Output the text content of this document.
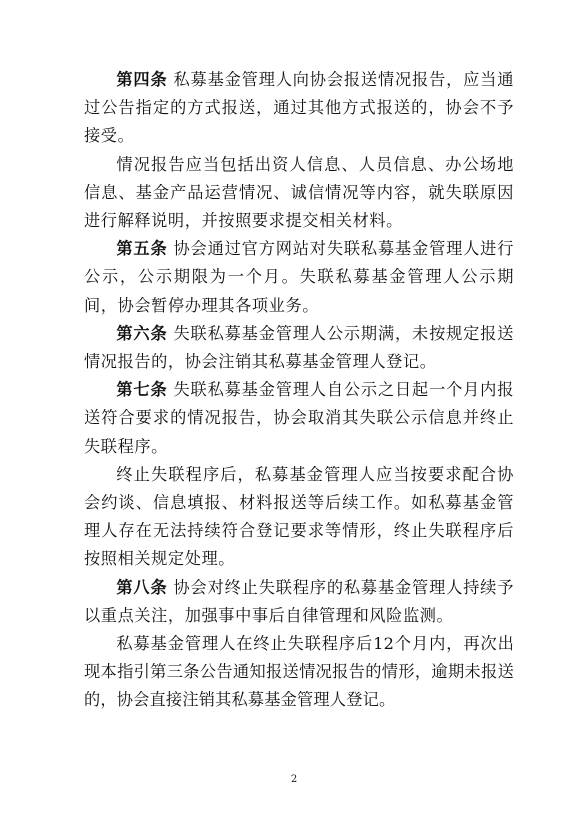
第四条 私募基金管理人向协会报送情况报告，应当通过公告指定的方式报送，通过其他方式报送的，协会不予接受。

情况报告应当包括出资人信息、人员信息、办公场地信息、基金产品运营情况、诚信情况等内容，就失联原因进行解释说明，并按照要求提交相关材料。

第五条 协会通过官方网站对失联私募基金管理人进行公示，公示期限为一个月。失联私募基金管理人公示期间，协会暂停办理其各项业务。

第六条 失联私募基金管理人公示期满，未按规定报送情况报告的，协会注销其私募基金管理人登记。

第七条 失联私募基金管理人自公示之日起一个月内报送符合要求的情况报告，协会取消其失联公示信息并终止失联程序。

终止失联程序后，私募基金管理人应当按要求配合协会约谈、信息填报、材料报送等后续工作。如私募基金管理人存在无法持续符合登记要求等情形，终止失联程序后按照相关规定处理。

第八条 协会对终止失联程序的私募基金管理人持续予以重点关注，加强事中事后自律管理和风险监测。

私募基金管理人在终止失联程序后12个月内，再次出现本指引第三条公告通知报送情况报告的情形，逾期未报送的，协会直接注销其私募基金管理人登记。

2
